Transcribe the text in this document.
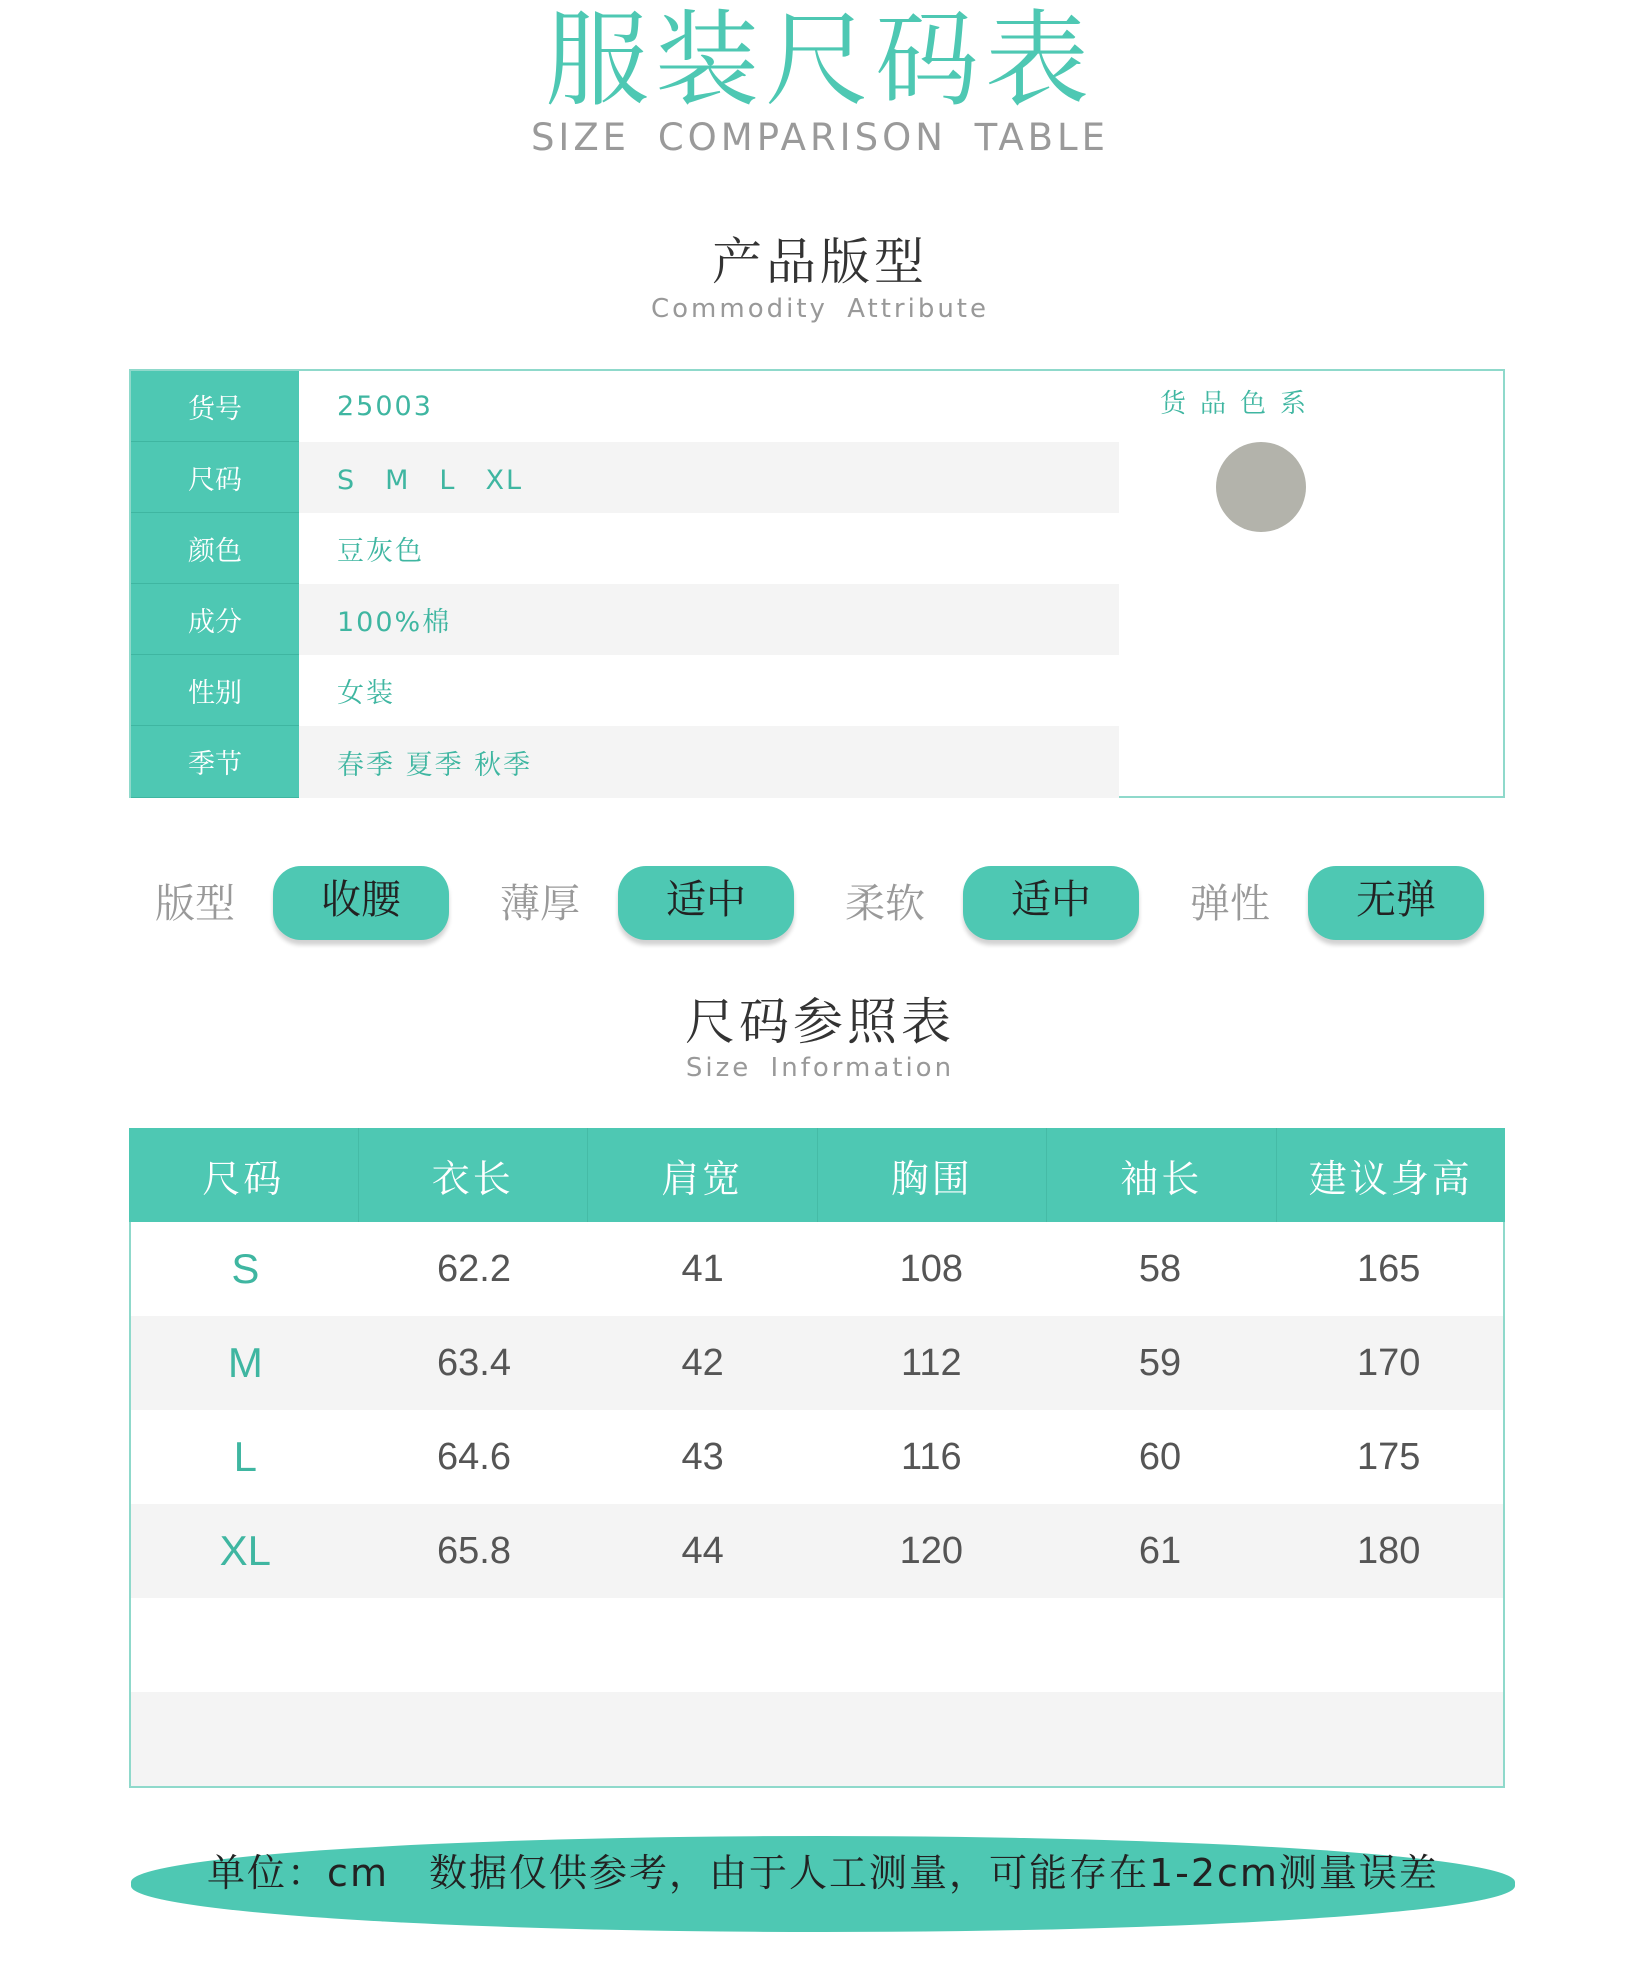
服装尺码表
SIZE COMPARISON TABLE
产品版型
Commodity Attribute
货号	25003
尺码	S　M　L　XL
颜色	豆灰色
成分	100%棉
性别	女装
季节	春季 夏季 秋季
货品色系
版型	收腰	薄厚	适中	柔软	适中	弹性	无弹
尺码参照表
Size Information
尺码	衣长	肩宽	胸围	袖长	建议身高
S	62.2	41	108	58	165
M	63.4	42	112	59	170
L	64.6	43	116	60	175
XL	65.8	44	120	61	180
单位：cm　数据仅供参考，由于人工测量，可能存在1-2cm测量误差
